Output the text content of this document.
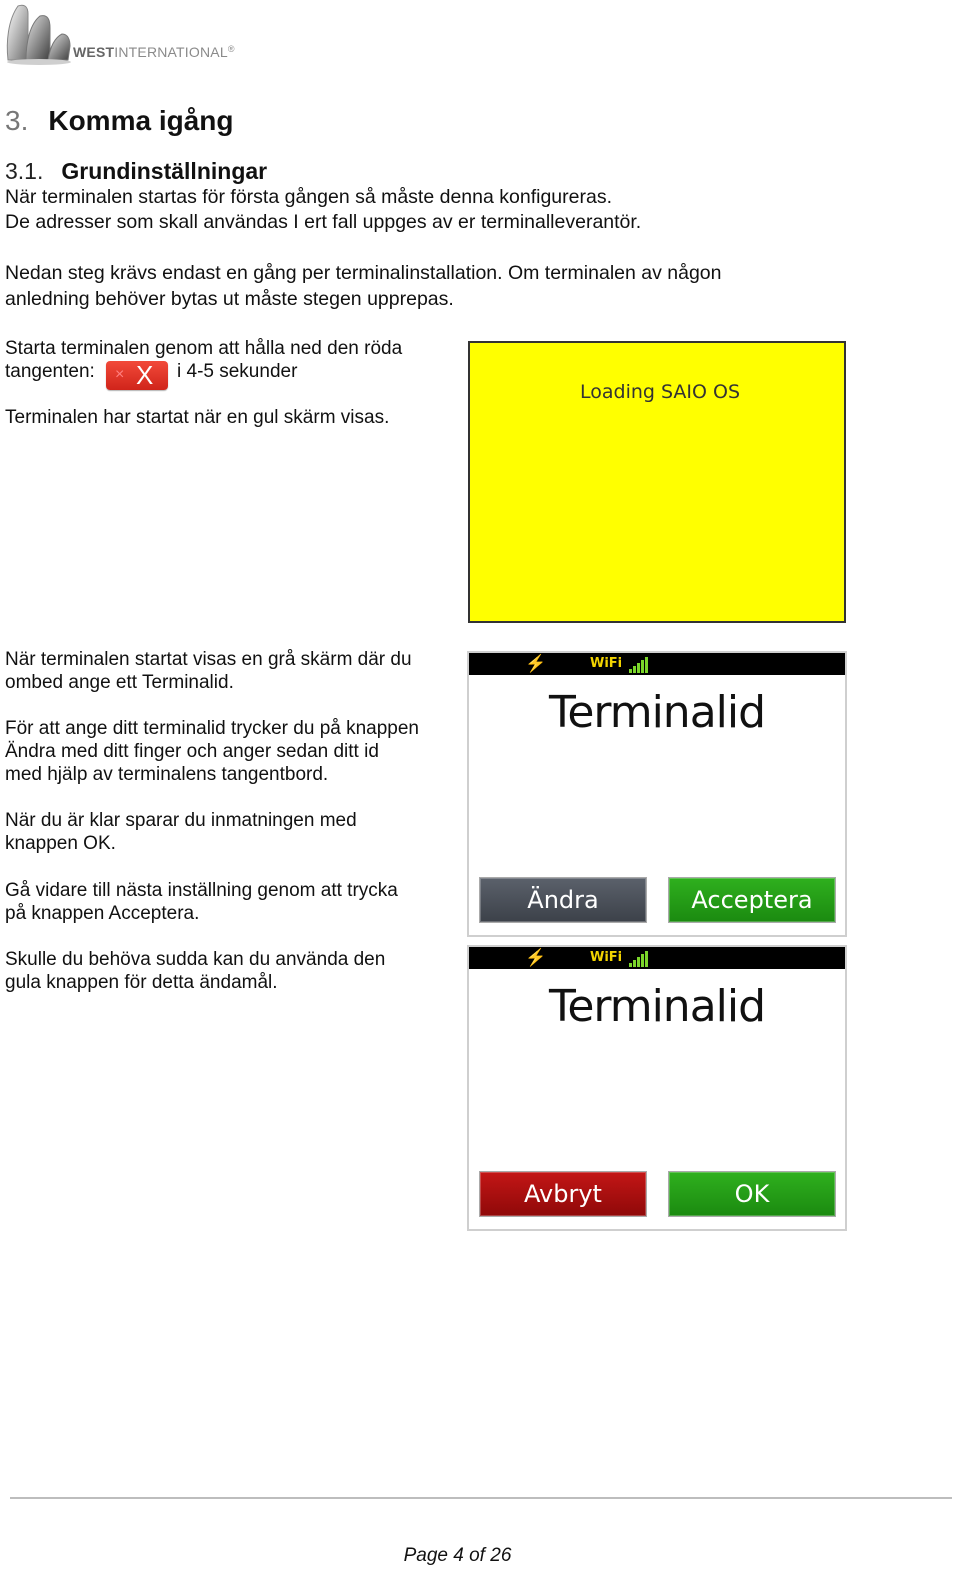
WESTINTERNATIONAL®
3. Komma igång
3.1. Grundinställningar

När terminalen startas för första gången så måste denna konfigureras.

De adresser som skall användas I ert fall uppges av er terminalleverantör.

Nedan steg krävs endast en gång per terminalinstallation. Om terminalen av någon

anledning behöver bytas ut måste stegen upprepas.

Starta terminalen genom att hålla ned den röda

tangenten: × X i 4-5 sekunder

Terminalen har startat när en gul skärm visas.

Loading SAIO OS

När terminalen startat visas en grå skärm där du

ombed ange ett Terminalid.

För att ange ditt terminalid trycker du på knappen

Ändra med ditt finger och anger sedan ditt id

med hjälp av terminalens tangentbord.

När du är klar sparar du inmatningen med

knappen OK.

Gå vidare till nästa inställning genom att trycka

på knappen Acceptera.

Skulle du behöva sudda kan du använda den

gula knappen för detta ändamål.

⚡	WiFi
Terminalid
Ändra	Acceptera
⚡	WiFi
Terminalid
Avbryt	OK
Page 4 of 26
